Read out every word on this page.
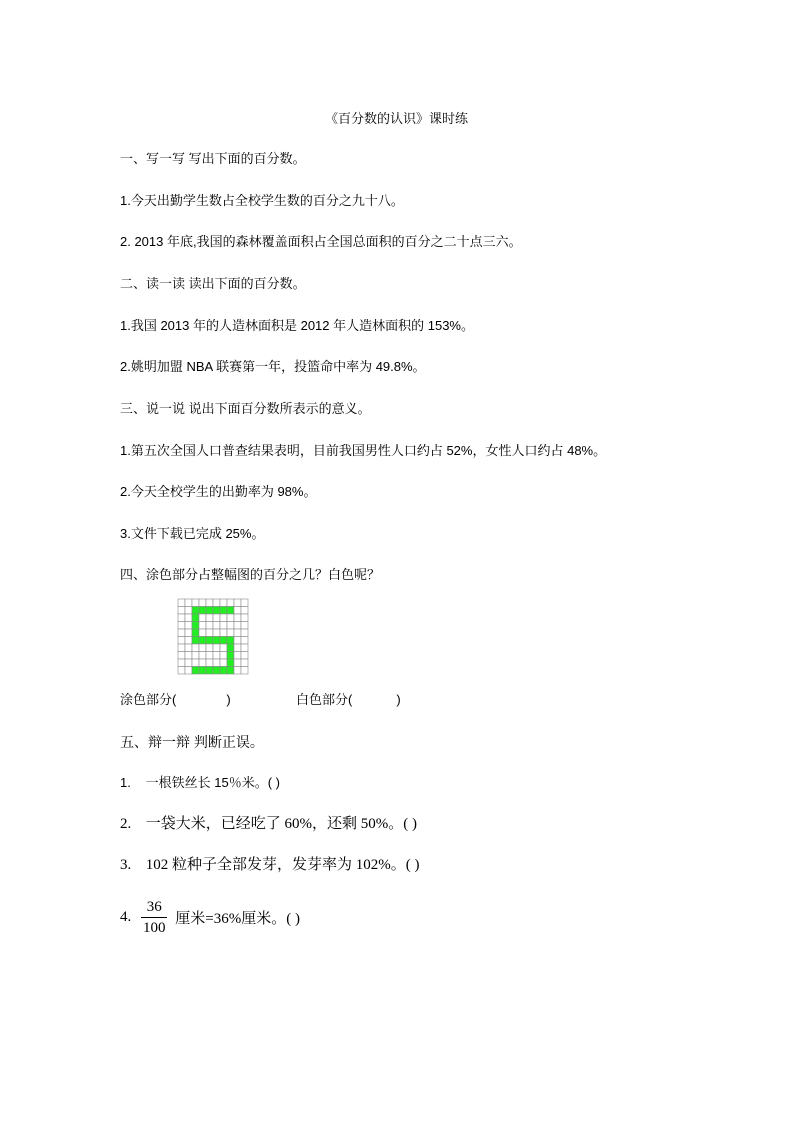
《百分数的认识》课时练
一、写一写 写出下面的百分数。
1.今天出勤学生数占全校学生数的百分之九十八。
2. 2013 年底,我国的森林覆盖面积占全国总面积的百分之二十点三六。
二、读一读 读出下面的百分数。
1.我国 2013 年的人造林面积是 2012 年人造林面积的 153%。
2.姚明加盟 NBA 联赛第一年，投篮命中率为 49.8%。
三、说一说 说出下面百分数所表示的意义。
1.第五次全国人口普查结果表明，目前我国男性人口约占 52%，女性人口约占 48%。
2.今天全校学生的出勤率为 98%。
3.文件下载已完成 25%。
四、涂色部分占整幅图的百分之几？白色呢？
涂色部分(	)	白色部分(	)
五、辩一辩 判断正误。
1. 一根铁丝长 15％米。( )
2. 一袋大米，已经吃了 60%，还剩 50%。( )
3. 102 粒种子全部发芽，发芽率为 102%。( )
4.
36
100
厘米=36%厘米。( )
